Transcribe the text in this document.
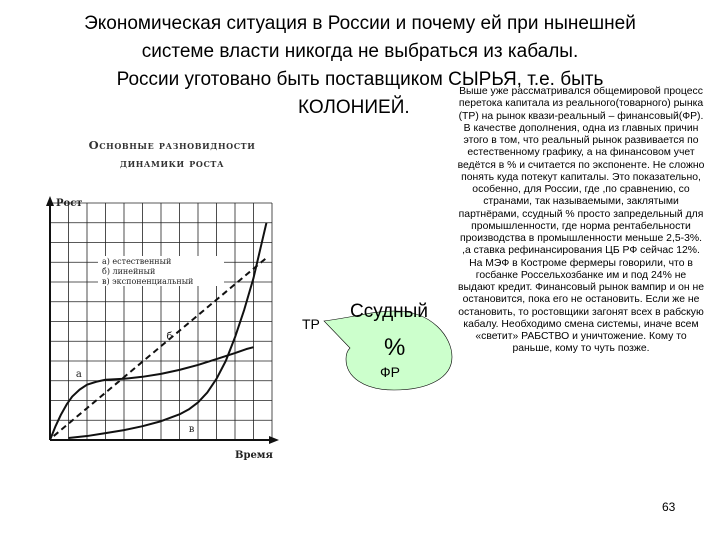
Экономическая ситуация в России и почему ей при нынешней
системе власти никогда не выбраться из кабалы.
России уготовано быть поставщиком СЫРЬЯ, т.е. быть
КОЛОНИЕЙ.
Основные разновидности
динамики роста
Рост
Время
а) естественный
б) линейный
в) экспоненциальный
а
б
в
ТР
Ссудный
%
ФР

Выше уже рассматривался общемировой процесс перетока капитала из реального(товарного) рынка (ТР) на рынок квази-реальный – финансовый(ФР). В качестве дополнения, одна из главных причин этого в том, что реальный рынок развивается по естественному графику, а на финансовом учет ведётся в % и считается по экспоненте. Не сложно понять куда потекут капиталы. Это показательно, особенно, для России, где ,по сравнению, со странами, так называемыми, заклятыми партнёрами, ссудный % просто запредельный для промышленности, где норма рентабельности производства в промышленности меньше 2,5-3%. ,а ставка рефинансирования ЦБ РФ сейчас 12%. На МЭФ в Костроме фермеры говорили, что в госбанке Россельхозбанке им и под 24% не выдают кредит. Финансовый рынок вампир и он не остановится, пока его не остановить. Если же не остановить, то ростовщики загонят всех в рабскую кабалу. Необходимо смена системы, иначе всем «светит» РАБСТВО и уничтожение. Кому то раньше, кому то чуть позже.

63
